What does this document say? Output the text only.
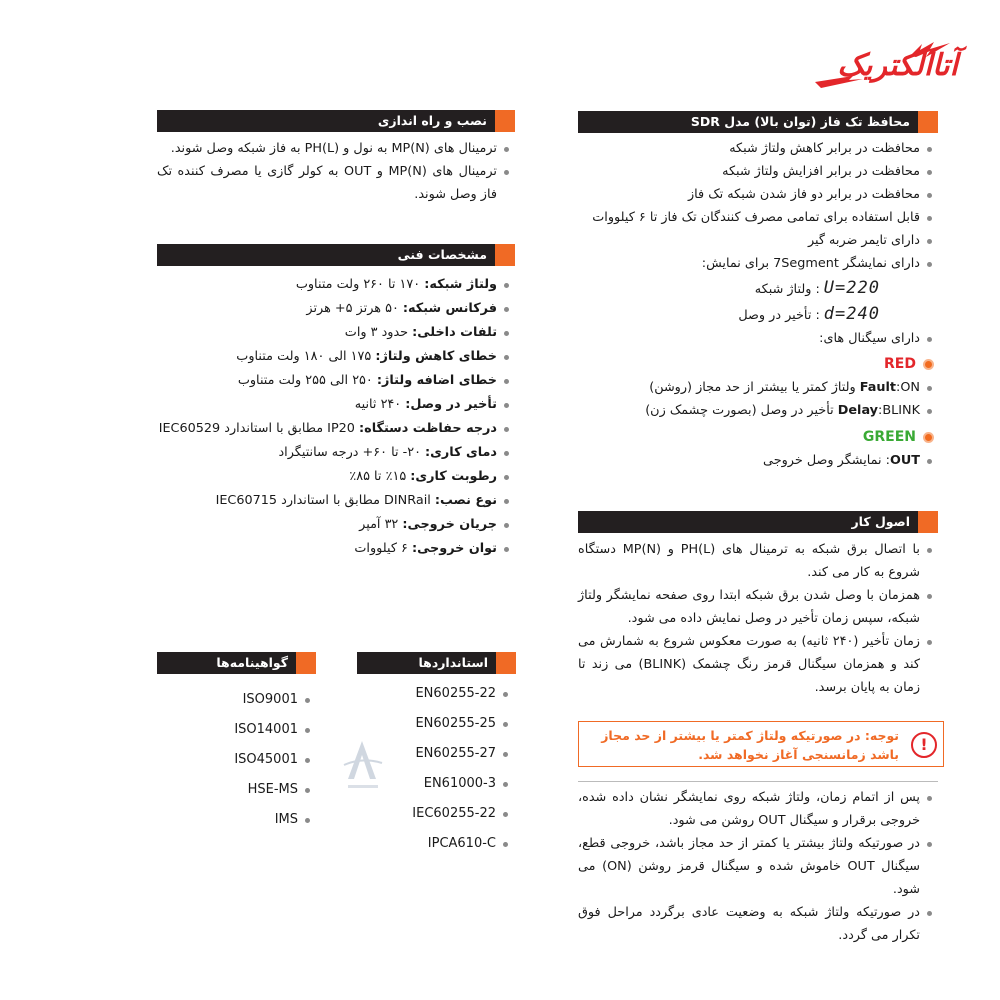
آتاالکتریک
محافظ تک فاز (توان بالا) مدل SDR
محافظت در برابر کاهش ولتاژ شبکه
محافظت در برابر افزایش ولتاژ شبکه
محافظت در برابر دو فاز شدن شبکه تک فاز
قابل استفاده برای تمامی مصرف کنندگان تک فاز تا ۶ کیلووات
دارای تایمر ضربه گیر
دارای نمایشگر 7Segment برای نمایش:
220=U: ولتاژ شبکه
240=d: تأخیر در وصل
دارای سیگنال های:
RED
Fault:ON ولتاژ کمتر یا بیشتر از حد مجاز (روشن)
Delay:BLINK تأخیر در وصل (بصورت چشمک زن)
GREEN
OUT: نمایشگر وصل خروجی
اصول کار
با اتصال برق شبکه به ترمینال های (PH(L و (MP(N دستگاه شروع به کار می کند.
همزمان با وصل شدن برق شبکه ابتدا روی صفحه نمایشگر ولتاژ شبکه، سپس زمان تأخیر در وصل نمایش داده می شود.
زمان تأخیر (۲۴۰ ثانیه) به صورت معکوس شروع به شمارش می کند و همزمان سیگنال قرمز رنگ چشمک (BLINK) می زند تا زمان به پایان برسد.
!
توجه: در صورتیکه ولتاژ کمتر یا بیشتر از حد مجاز باشد زمانسنجی آغاز نخواهد شد.
پس از اتمام زمان، ولتاژ شبکه روی نمایشگر نشان داده شده، خروجی برقرار و سیگنال OUT روشن می شود.
در صورتیکه ولتاژ بیشتر یا کمتر از حد مجاز باشد، خروجی قطع، سیگنال OUT خاموش شده و سیگنال قرمز روشن (ON) می شود.
در صورتیکه ولتاژ شبکه به وضعیت عادی برگردد مراحل فوق تکرار می گردد.
نصب و راه اندازی
ترمینال های (MP(N به نول و (PH(L به فاز شبکه وصل شوند.
ترمینال های (MP(N و OUT به کولر گازی یا مصرف کننده تک فاز وصل شوند.
مشخصات فنی
ولتاژ شبکه: ۱۷۰ تا ۲۶۰ ولت متناوب
فرکانس شبکه: ۵۰ هرتز ۵+ هرتز
تلفات داخلی: حدود ۳ وات
خطای کاهش ولتاژ: ۱۷۵ الی ۱۸۰ ولت متناوب
خطای اضافه ولتاژ: ۲۵۰ الی ۲۵۵ ولت متناوب
تأخیر در وصل: ۲۴۰ ثانیه
درجه حفاظت دستگاه: IP20 مطابق با استاندارد IEC60529
دمای کاری: ۲۰- تا ۶۰+ درجه سانتیگراد
رطوبت کاری: ۱۵٪ تا ۸۵٪
نوع نصب: DINRail مطابق با استاندارد IEC60715
جریان خروجی: ۳۲ آمپر
توان خروجی: ۶ کیلووات
استانداردها
EN60255-22
EN60255-25
EN60255-27
EN61000-3
IEC60255-22
IPCA610-C
گواهینامه‌ها
ISO9001
ISO14001
ISO45001
HSE-MS
IMS
